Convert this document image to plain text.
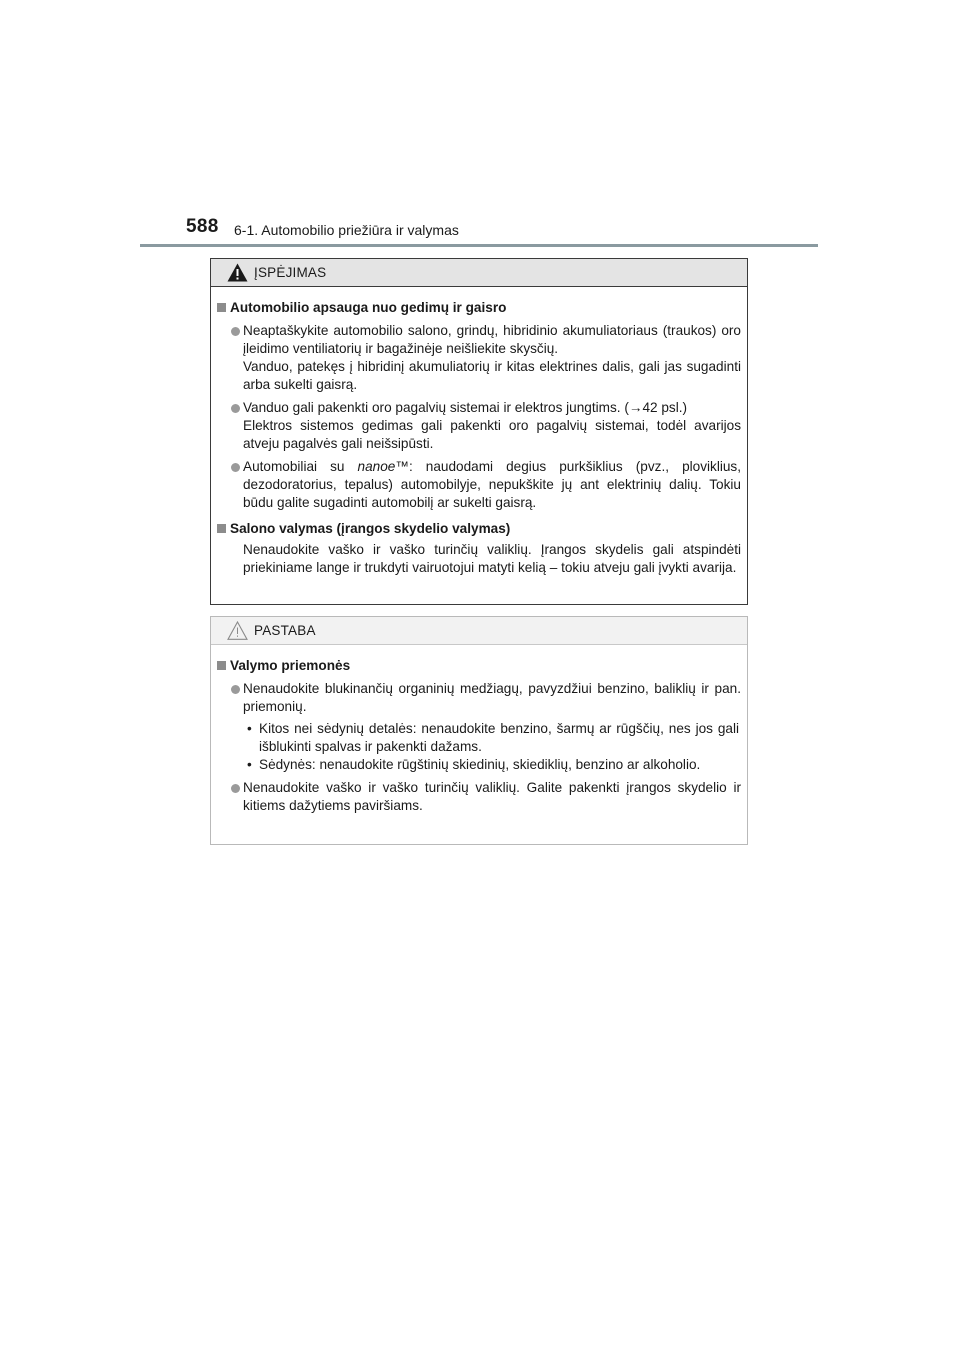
588 6-1. Automobilio priežiūra ir valymas
ĮSPĖJIMAS
Automobilio apsauga nuo gedimų ir gaisro
Neaptaškykite automobilio salono, grindų, hibridinio akumuliatoriaus (traukos) oro įleidimo ventiliatorių ir bagažinėje neišliekite skysčių.
Vanduo, patekęs į hibridinį akumuliatorių ir kitas elektrines dalis, gali jas sugadinti arba sukelti gaisrą.
Vanduo gali pakenkti oro pagalvių sistemai ir elektros jungtims. (→42 psl.)
Elektros sistemos gedimas gali pakenkti oro pagalvių sistemai, todėl avarijos atveju pagalvės gali neišsipūsti.
Automobiliai su nanoe™: naudodami degius purkšiklius (pvz., ploviklius, dezodoratorius, tepalus) automobilyje, nepukškite jų ant elektrinių dalių. Tokiu būdu galite sugadinti automobilį ar sukelti gaisrą.
Salono valymas (įrangos skydelio valymas)
Nenaudokite vaško ir vaško turinčių valiklių. Įrangos skydelis gali atspindėti priekiniame lange ir trukdyti vairuotojui matyti kelią – tokiu atveju gali įvykti avarija.
PASTABA
Valymo priemonės
Nenaudokite blukinančių organinių medžiagų, pavyzdžiui benzino, baliklių ir pan. priemonių.
• Kitos nei sėdynių detalės: nenaudokite benzino, šarmų ar rūgščių, nes jos gali išblukinti spalvas ir pakenkti dažams.
• Sėdynės: nenaudokite rūgštinių skiedinių, skiediklių, benzino ar alkoholio.
Nenaudokite vaško ir vaško turinčių valiklių. Galite pakenkti įrangos skydelio ir kitiems dažytiems paviršiams.
